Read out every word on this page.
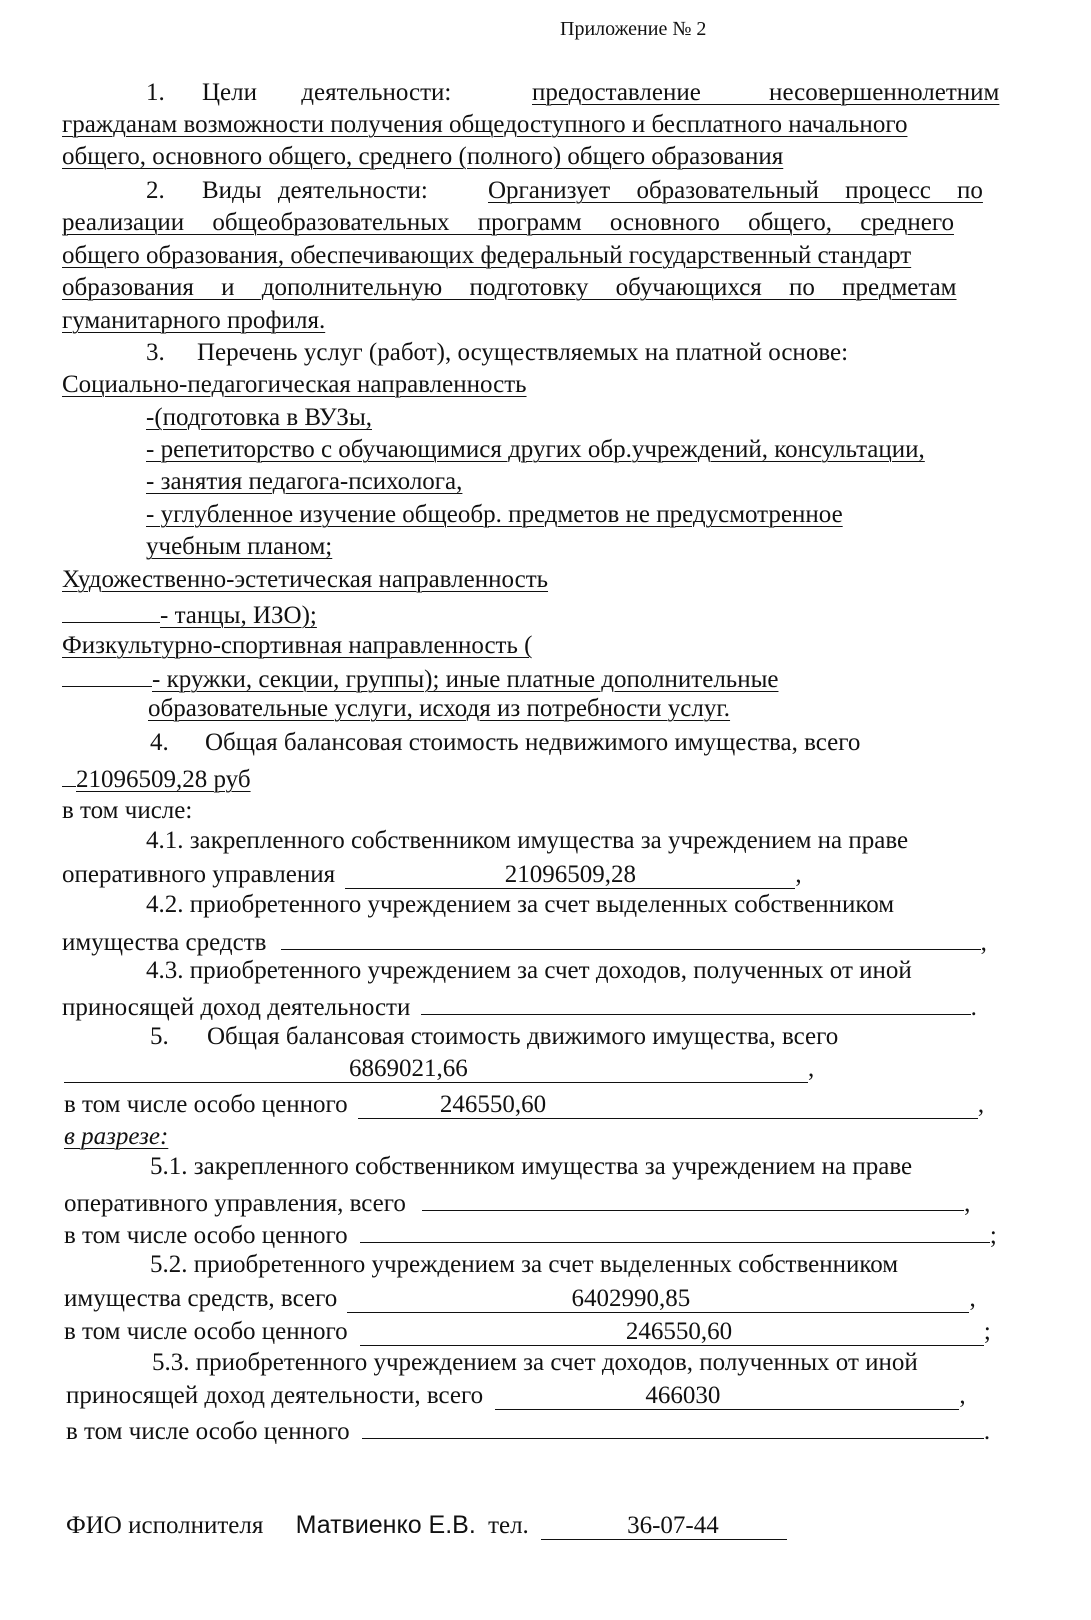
Приложение № 2
1. Цели деятельности:	предоставление несовершеннолетним
гражданам возможности получения общедоступного и бесплатного начального
общего, основного общего, среднего (полного) общего образования
2. Виды деятельности: Организует образовательный процесс по
реализации общеобразовательных программ основного общего, среднего
общего образования, обеспечивающих федеральный государственный стандарт
образования и дополнительную подготовку обучающихся по предметам
гуманитарного профиля.
3. Перечень услуг (работ), осуществляемых на платной основе:
Социально-педагогическая направленность
-(подготовка в ВУЗы,
- репетиторство с обучающимися других обр.учреждений, консультации,
- занятия педагога-психолога,
- углубленное изучение общеобр. предметов не предусмотренное
учебным планом;
Художественно-эстетическая направленность
- танцы, ИЗО);
Физкультурно-спортивная направленность (
- кружки, секции, группы); иные платные дополнительные
образовательные услуги, исходя из потребности услуг.
4. Общая балансовая стоимость недвижимого имущества, всего
21096509,28 руб
в том числе:
4.1. закрепленного собственником имущества за учреждением на праве
оперативного управления	21096509,28	,
4.2. приобретенного учреждением за счет выделенных собственником
имущества средств	,
4.3. приобретенного учреждением за счет доходов, полученных от иной
приносящей доход деятельности	.
5. Общая балансовая стоимость движимого имущества, всего
6869021,66	,
в том числе особо ценного	246550,60	,
в разрезе:
5.1. закрепленного собственником имущества за учреждением на праве
оперативного управления, всего	,
в том числе особо ценного	;
5.2. приобретенного учреждением за счет выделенных собственником
имущества средств, всего	6402990,85	,
в том числе особо ценного	246550,60	;
5.3. приобретенного учреждением за счет доходов, полученных от иной
приносящей доход деятельности, всего	466030	,
в том числе особо ценного	.
ФИО исполнителя Матвиенко Е.В. тел.	36-07-44
